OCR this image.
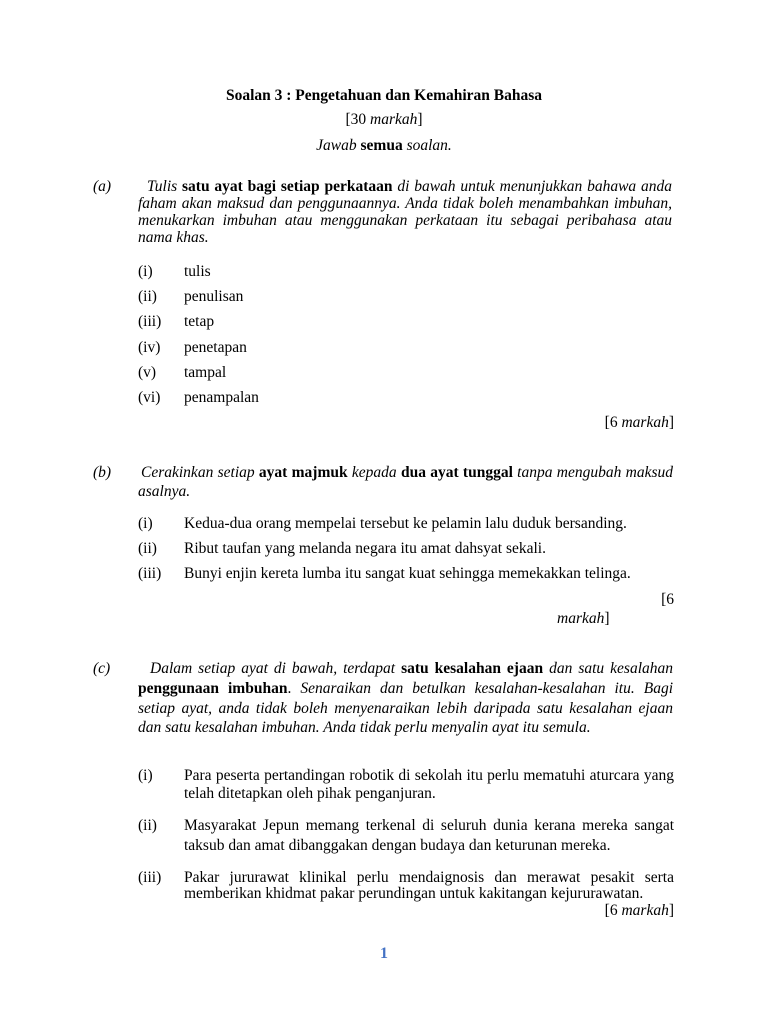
Soalan 3 : Pengetahuan dan Kemahiran Bahasa
[30 markah]
Jawab semua soalan.
(a) Tulis satu ayat bagi setiap perkataan di bawah untuk menunjukkan bahawa anda
faham akan maksud dan penggunaannya. Anda tidak boleh menambahkan imbuhan,
menukarkan imbuhan atau menggunakan perkataan itu sebagai peribahasa atau
nama khas.
(i) tulis
(ii) penulisan
(iii) tetap
(iv) penetapan
(v) tampal
(vi) penampalan
[6 markah]
(b) Cerakinkan setiap ayat majmuk kepada dua ayat tunggal tanpa mengubah maksud
asalnya.
(i) Kedua-dua orang mempelai tersebut ke pelamin lalu duduk bersanding.
(ii) Ribut taufan yang melanda negara itu amat dahsyat sekali.
(iii) Bunyi enjin kereta lumba itu sangat kuat sehingga memekakkan telinga.
[6
markah]
(c)	Dalam setiap ayat di bawah, terdapat satu kesalahan ejaan dan satu kesalahan
penggunaan imbuhan. Senaraikan dan betulkan kesalahan-kesalahan itu. Bagi
setiap ayat, anda tidak boleh menyenaraikan lebih daripada satu kesalahan ejaan
dan satu kesalahan imbuhan. Anda tidak perlu menyalin ayat itu semula.
(i) Para peserta pertandingan robotik di sekolah itu perlu mematuhi aturcara yang
telah ditetapkan oleh pihak penganjuran.
(ii) Masyarakat Jepun memang terkenal di seluruh dunia kerana mereka sangat
taksub dan amat dibanggakan dengan budaya dan keturunan mereka.
(iii) Pakar jururawat klinikal perlu mendaignosis dan merawat pesakit serta
memberikan khidmat pakar perundingan untuk kakitangan kejururawatan.
[6 markah]
1
